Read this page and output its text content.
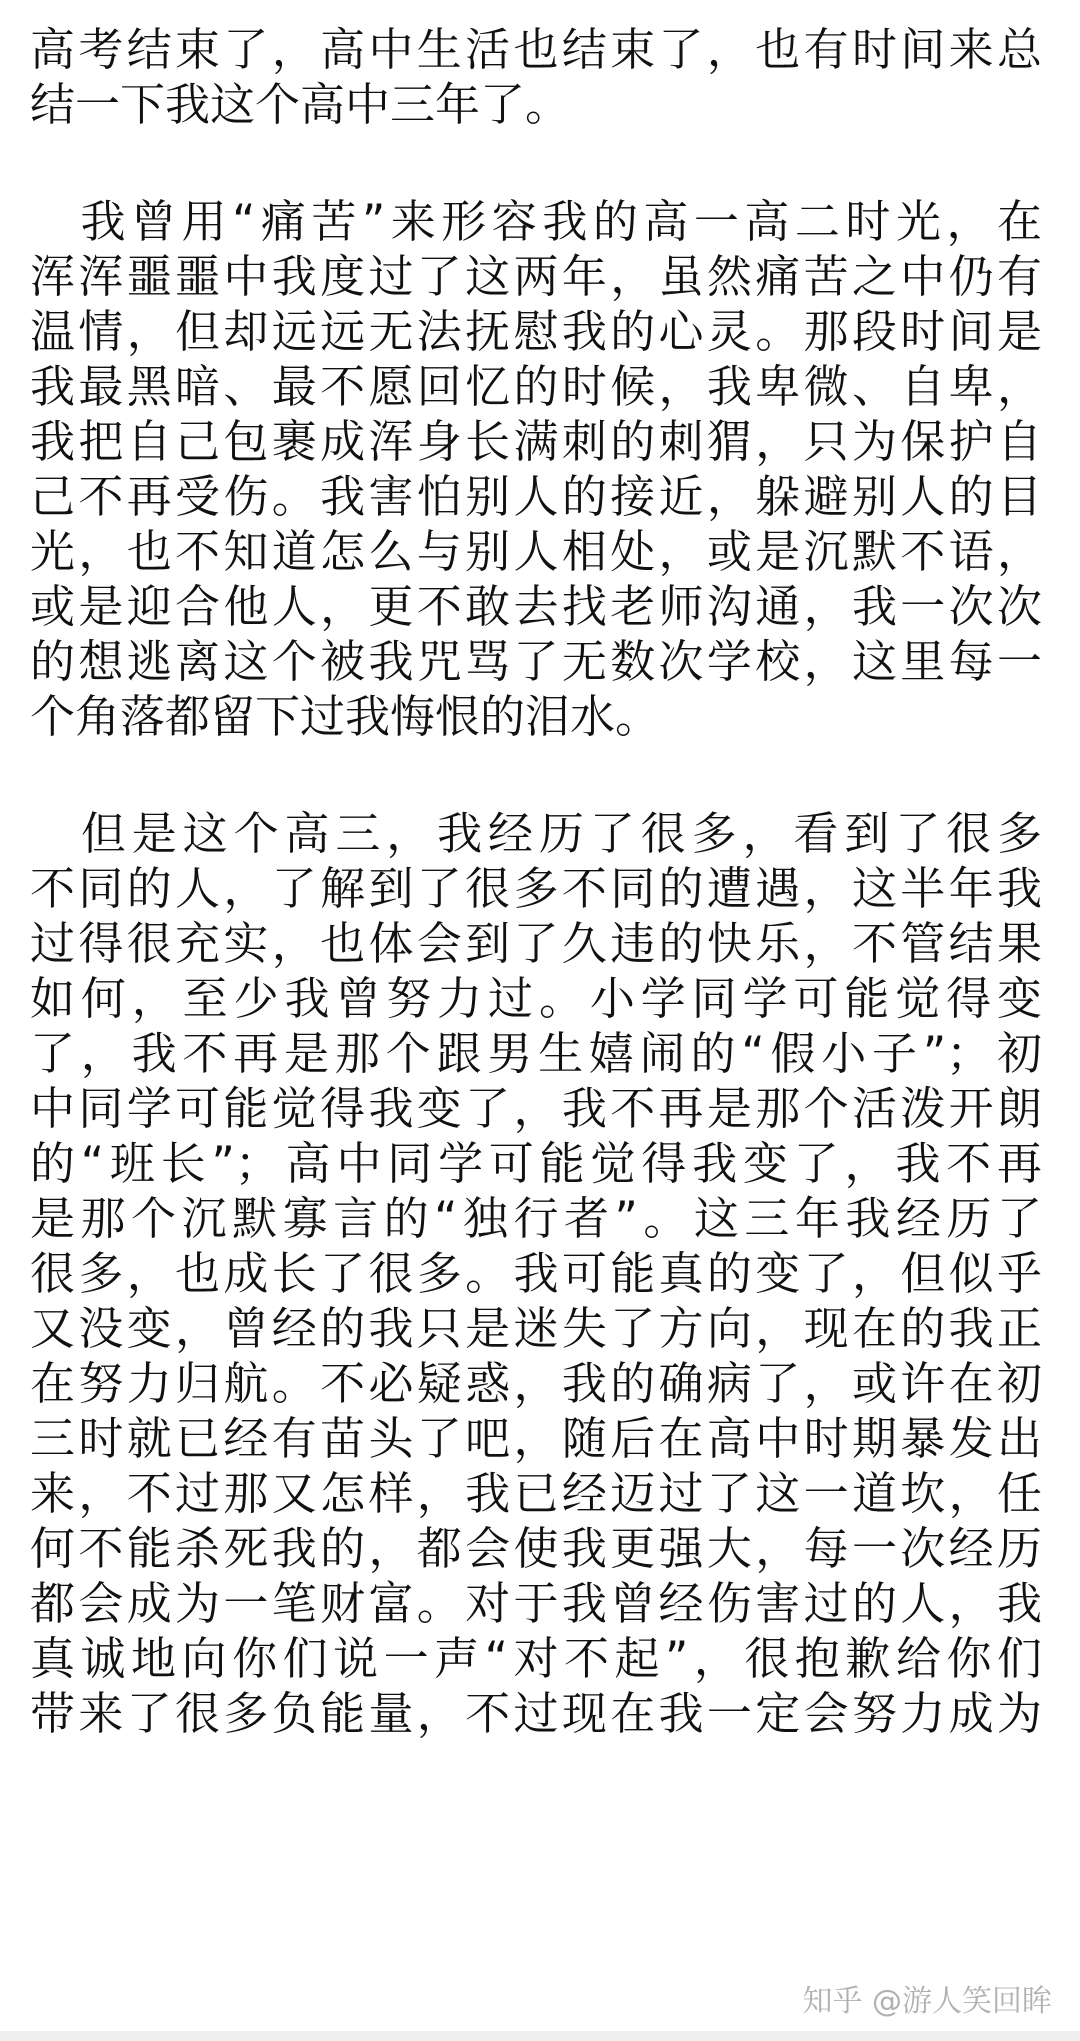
高考结束了，高中生活也结束了，也有时间来总
结一下我这个高中三年了。
　我曾用“痛苦”来形容我的高一高二时光，在
浑浑噩噩中我度过了这两年，虽然痛苦之中仍有
温情，但却远远无法抚慰我的心灵。那段时间是
我最黑暗、最不愿回忆的时候，我卑微、自卑，
我把自己包裹成浑身长满刺的刺猬，只为保护自
己不再受伤。我害怕别人的接近，躲避别人的目
光，也不知道怎么与别人相处，或是沉默不语，
或是迎合他人，更不敢去找老师沟通，我一次次
的想逃离这个被我咒骂了无数次学校，这里每一
个角落都留下过我悔恨的泪水。
　但是这个高三，我经历了很多，看到了很多
不同的人，了解到了很多不同的遭遇，这半年我
过得很充实，也体会到了久违的快乐，不管结果
如何，至少我曾努力过。小学同学可能觉得变
了，我不再是那个跟男生嬉闹的“假小子”；初
中同学可能觉得我变了，我不再是那个活泼开朗
的“班长”；高中同学可能觉得我变了，我不再
是那个沉默寡言的“独行者”。这三年我经历了
很多，也成长了很多。我可能真的变了，但似乎
又没变，曾经的我只是迷失了方向，现在的我正
在努力归航。不必疑惑，我的确病了，或许在初
三时就已经有苗头了吧，随后在高中时期暴发出
来，不过那又怎样，我已经迈过了这一道坎，任
何不能杀死我的，都会使我更强大，每一次经历
都会成为一笔财富。对于我曾经伤害过的人，我
真诚地向你们说一声“对不起”，很抱歉给你们
带来了很多负能量，不过现在我一定会努力成为
知乎 @游人笑回眸
